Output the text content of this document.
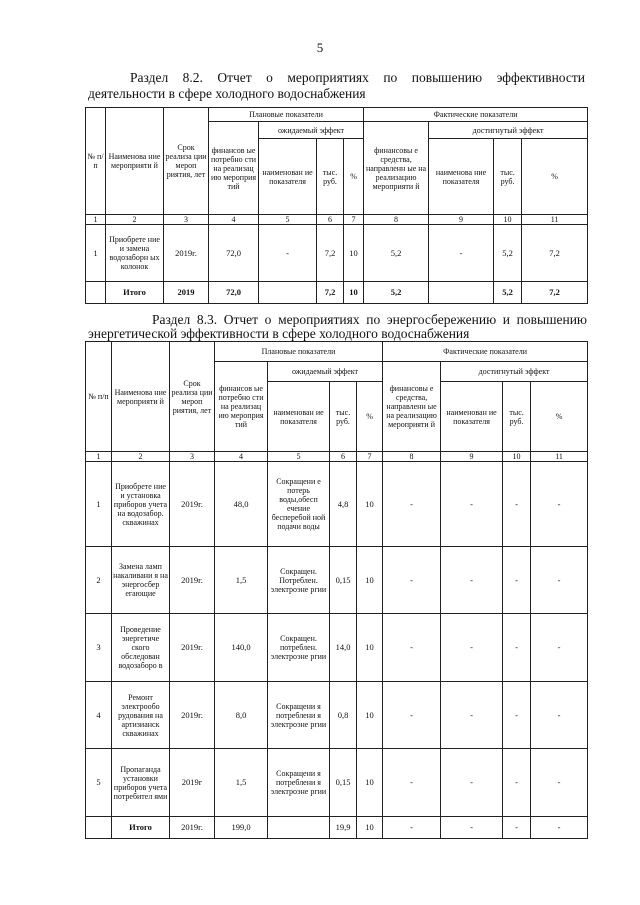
5
Раздел 8.2. Отчет о мероприятиях по повышению эффективности
деятельности в сфере холодного водоснабжения
№ п/п	Наименова ние мероприяти й	Срок реализа ции мероп риятия, лет	Плановые показатели				Фактические показатели			
			финансов ые потребно сти на реализац ию мероприя тий	ожидаемый эффект			финансовы е средства, направленн ые на реализацию мероприяти й	достигнутый эффект		
				наименован ие показателя	тыс. руб.	%		наименова ние показателя	тыс. руб.	%
1	2	3	4	5	6	7	8	9	10	11
1	Приобрете ние и замена водозаборн ых колонок	2019г.	72,0	-	7,2	10	5,2	-	5,2	7,2
	Итого	2019	72,0		7,2	10	5,2		5,2	7,2
Раздел 8.3. Отчет о мероприятиях по энергосбережению и повышению
энергетической эффективности в сфере холодного водоснабжения
№ п/п	Наименова ние мероприяти й	Срок реализа ции мероп риятия, лет	Плановые показатели				Фактические показатели			
			финансов ые потребно сти на реализац ию мероприя тий	ожидаемый эффект			финансовы е средства, направленн ые на реализацию мероприяти й	достигнутый эффект		
				наименован ие показателя	тыс. руб.	%		наименован ие показателя	тыс. руб.	%
1	2	3	4	5	6	7	8	9	10	11
1	Приобрете ние и установка приборов учета на водозабор. скважинах	2019г.	48,0	Сокращени е потерь воды,обесп ечение бесперебой ной подачи воды	4,8	10	-	-	-	-
2	Замена ламп накаливани я на энергосбер егающие	2019г.	1,5	Сокращен. Потреблен. электроэне ргии	0,15	10	-	-	-	-
3	Проведение энергетиче ского обследован водозаборо в	2019г.	140,0	Сокращен. потреблен. электроэне ргии	14,0	10	-	-	-	-
4	Ремонт электрообо рудования на артизианск скважинах	2019г.	8,0	Сокращени я потреблени я электроэне ргии	0,8	10	-	-	-	-
5	Пропаганда установки приборов учета потребител ями	2019г	1,5	Сокращени я потреблени я электроэне ргии	0,15	10	-	-	-	-
	Итого	2019г.	199,0		19,9	10	-	-	-	-
